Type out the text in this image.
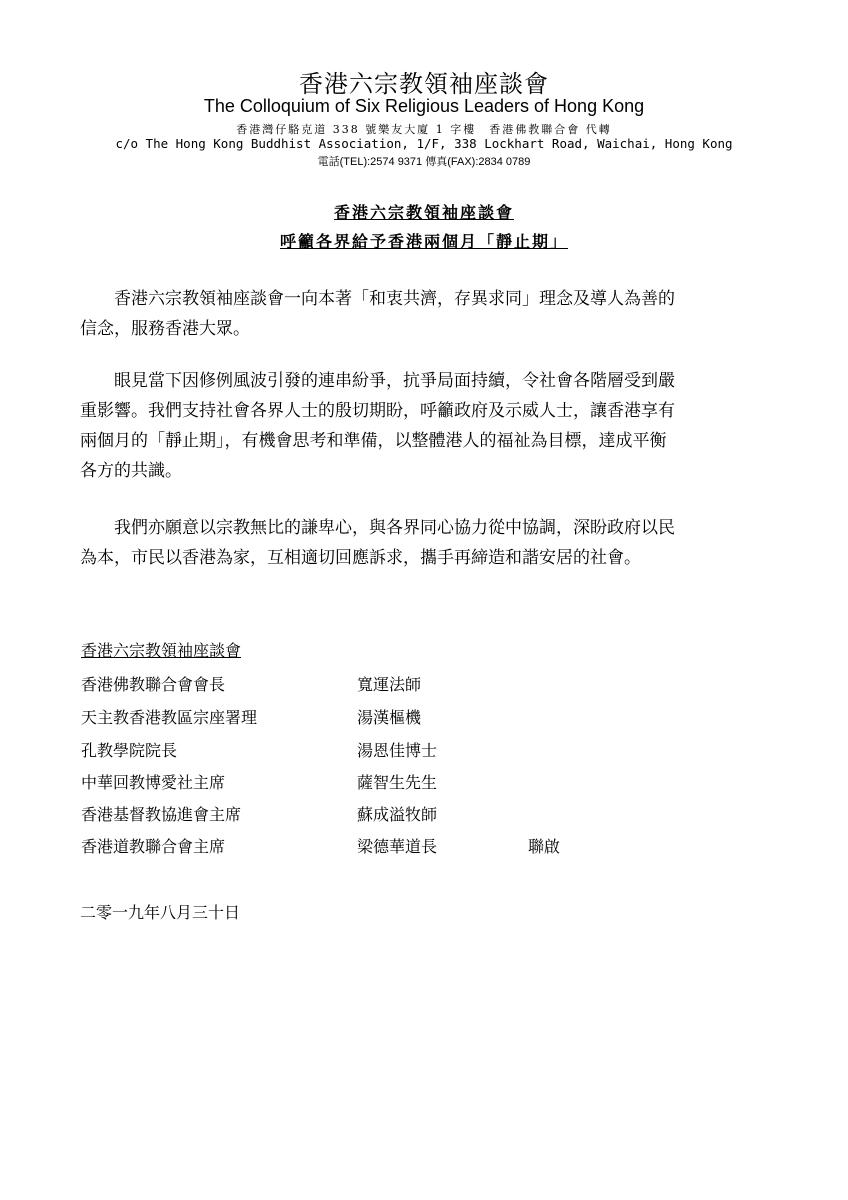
香港六宗教領袖座談會
The Colloquium of Six Religious Leaders of Hong Kong
香港灣仔駱克道 338 號樂友大廈 1 字樓　香港佛教聯合會 代轉
c/o The Hong Kong Buddhist Association, 1/F, 338 Lockhart Road, Waichai, Hong Kong
電話(TEL):2574 9371 傳真(FAX):2834 0789
香港六宗教領袖座談會
呼籲各界給予香港兩個月「靜止期」
　　香港六宗教領袖座談會一向本著「和衷共濟，存異求同」理念及導人為善的
信念，服務香港大眾。
　　眼見當下因修例風波引發的連串紛爭，抗爭局面持續，令社會各階層受到嚴
重影響。我們支持社會各界人士的殷切期盼，呼籲政府及示威人士，讓香港享有
兩個月的「靜止期」，有機會思考和準備，以整體港人的福祉為目標，達成平衡
各方的共識。
　　我們亦願意以宗教無比的謙卑心，與各界同心協力從中協調，深盼政府以民
為本，市民以香港為家，互相適切回應訴求，攜手再締造和諧安居的社會。
香港六宗教領袖座談會
香港佛教聯合會會長	寬運法師
天主教香港教區宗座署理	湯漢樞機
孔教學院院長	湯恩佳博士
中華回教博愛社主席	薩智生先生
香港基督教協進會主席	蘇成溢牧師
香港道教聯合會主席	梁德華道長	聯啟
二零一九年八月三十日
